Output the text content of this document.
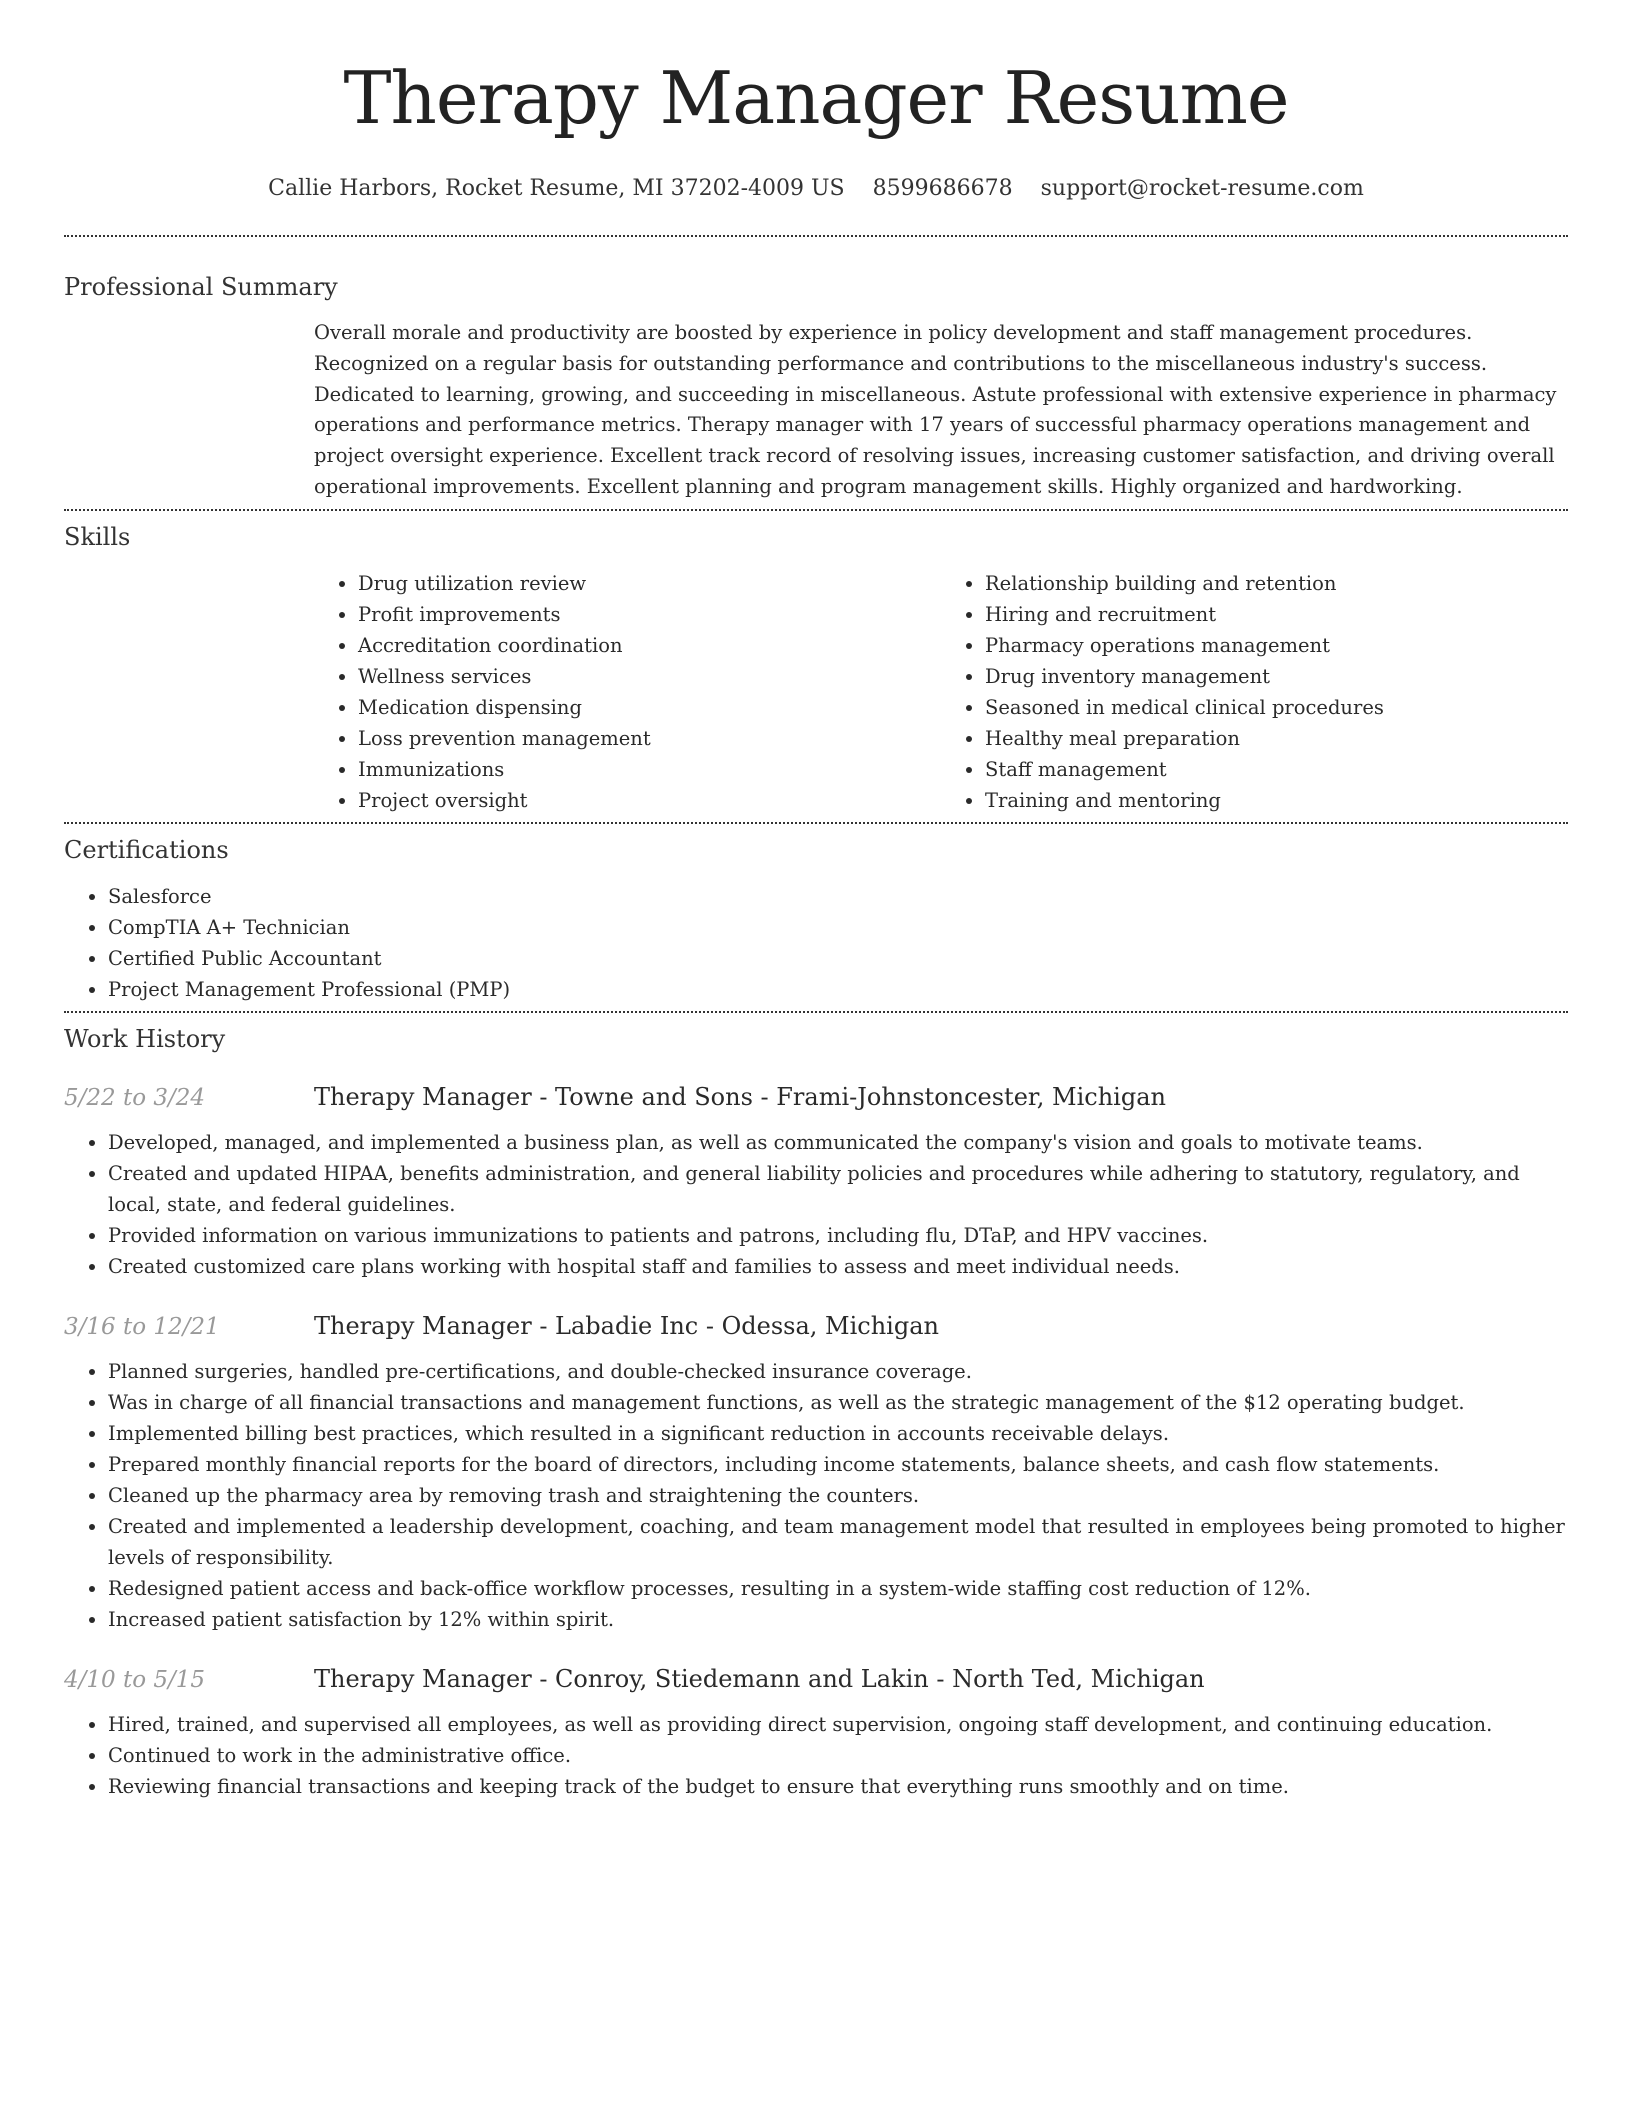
Therapy Manager Resume
Callie Harbors, Rocket Resume, MI 37202-4009 US 8599686678 support@rocket-resume.com
Professional Summary
Overall morale and productivity are boosted by experience in policy development and staff management procedures. Recognized on a regular basis for outstanding performance and contributions to the miscellaneous industry's success. Dedicated to learning, growing, and succeeding in miscellaneous. Astute professional with extensive experience in pharmacy operations and performance metrics. Therapy manager with 17 years of successful pharmacy operations management and project oversight experience. Excellent track record of resolving issues, increasing customer satisfaction, and driving overall operational improvements. Excellent planning and program management skills. Highly organized and hardworking.
Skills
• Drug utilization review
• Profit improvements
• Accreditation coordination
• Wellness services
• Medication dispensing
• Loss prevention management
• Immunizations
• Project oversight
• Relationship building and retention
• Hiring and recruitment
• Pharmacy operations management
• Drug inventory management
• Seasoned in medical clinical procedures
• Healthy meal preparation
• Staff management
• Training and mentoring
Certifications
• Salesforce
• CompTIA A+ Technician
• Certified Public Accountant
• Project Management Professional (PMP)
Work History
5/22 to 3/24	Therapy Manager - Towne and Sons - Frami-Johnstoncester, Michigan
• Developed, managed, and implemented a business plan, as well as communicated the company's vision and goals to motivate teams.
• Created and updated HIPAA, benefits administration, and general liability policies and procedures while adhering to statutory, regulatory, and local, state, and federal guidelines.
• Provided information on various immunizations to patients and patrons, including flu, DTaP, and HPV vaccines.
• Created customized care plans working with hospital staff and families to assess and meet individual needs.
3/16 to 12/21	Therapy Manager - Labadie Inc - Odessa, Michigan
• Planned surgeries, handled pre-certifications, and double-checked insurance coverage.
• Was in charge of all financial transactions and management functions, as well as the strategic management of the $12 operating budget.
• Implemented billing best practices, which resulted in a significant reduction in accounts receivable delays.
• Prepared monthly financial reports for the board of directors, including income statements, balance sheets, and cash flow statements.
• Cleaned up the pharmacy area by removing trash and straightening the counters.
• Created and implemented a leadership development, coaching, and team management model that resulted in employees being promoted to higher levels of responsibility.
• Redesigned patient access and back-office workflow processes, resulting in a system-wide staffing cost reduction of 12%.
• Increased patient satisfaction by 12% within spirit.
4/10 to 5/15	Therapy Manager - Conroy, Stiedemann and Lakin - North Ted, Michigan
• Hired, trained, and supervised all employees, as well as providing direct supervision, ongoing staff development, and continuing education.
• Continued to work in the administrative office.
• Reviewing financial transactions and keeping track of the budget to ensure that everything runs smoothly and on time.
